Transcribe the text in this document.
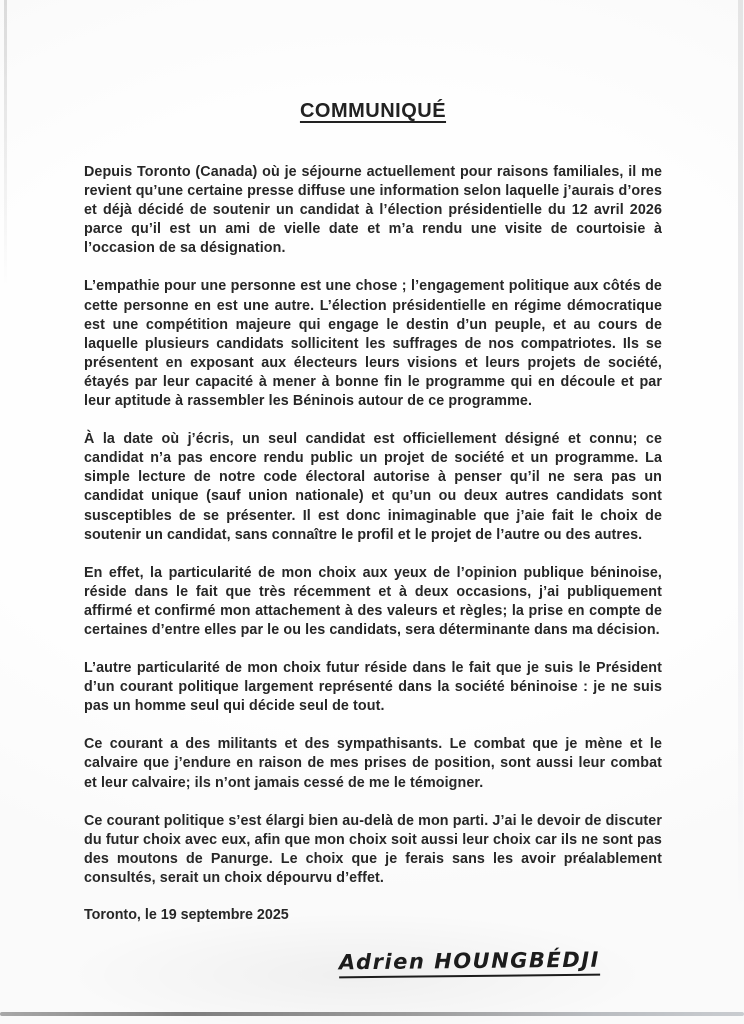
COMMUNIQUÉ

Depuis Toronto (Canada) où je séjourne actuellement pour raisons familiales, il me revient qu’une certaine presse diffuse une information selon laquelle j’aurais d’ores et déjà décidé de soutenir un candidat à l’élection présidentielle du 12 avril 2026 parce qu’il est un ami de vielle date et m’a rendu une visite de courtoisie à l’occasion de sa désignation.

L’empathie pour une personne est une chose ; l’engagement politique aux côtés de cette personne en est une autre. L’élection présidentielle en régime démocratique est une compétition majeure qui engage le destin d’un peuple, et au cours de laquelle plusieurs candidats sollicitent les suffrages de nos compatriotes. Ils se présentent en exposant aux électeurs leurs visions et leurs projets de société, étayés par leur capacité à mener à bonne fin le programme qui en découle et par leur aptitude à rassembler les Béninois autour de ce programme.

À la date où j’écris, un seul candidat est officiellement désigné et connu; ce candidat n’a pas encore rendu public un projet de société et un programme. La simple lecture de notre code électoral autorise à penser qu’il ne sera pas un candidat unique (sauf union nationale) et qu’un ou deux autres candidats sont susceptibles de se présenter. Il est donc inimaginable que j’aie fait le choix de soutenir un candidat, sans connaître le profil et le projet de l’autre ou des autres.

En effet, la particularité de mon choix aux yeux de l’opinion publique béninoise, réside dans le fait que très récemment et à deux occasions, j’ai publiquement affirmé et confirmé mon attachement à des valeurs et règles; la prise en compte de certaines d’entre elles par le ou les candidats, sera déterminante dans ma décision.

L’autre particularité de mon choix futur réside dans le fait que je suis le Président d’un courant politique largement représenté dans la société béninoise : je ne suis pas un homme seul qui décide seul de tout.

Ce courant a des militants et des sympathisants. Le combat que je mène et le calvaire que j’endure en raison de mes prises de position, sont aussi leur combat et leur calvaire; ils n’ont jamais cessé de me le témoigner.

Ce courant politique s’est élargi bien au-delà de mon parti. J’ai le devoir de discuter du futur choix avec eux, afin que mon choix soit aussi leur choix car ils ne sont pas des moutons de Panurge. Le choix que je ferais sans les avoir préalablement consultés, serait un choix dépourvu d’effet.

Toronto, le 19 septembre 2025
Adrien HOUNGBÉDJI
